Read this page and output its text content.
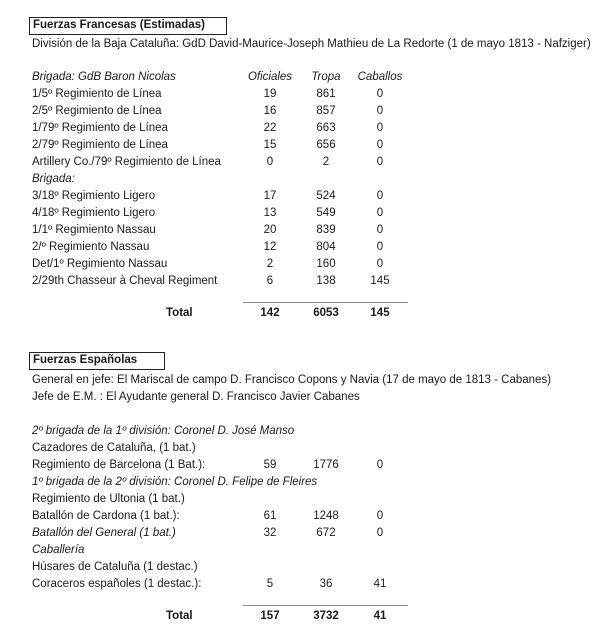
Fuerzas Francesas (Estimadas)
División de la Baja Cataluña: GdD David-Maurice-Joseph Mathieu de La Redorte (1 de mayo 1813 - Nafziger)
Oficiales	Tropa	Caballos
Brigada: GdB Baron Nicolas
1/5º Regimiento de Línea	19	861	0
2/5º Regimiento de Línea	16	857	0
1/79º Regimiento de Línea	22	663	0
2/79º Regimiento de Línea	15	656	0
Artillery Co./79º Regimiento de Línea	0	2	0
Brigada:
3/18º Regimiento Ligero	17	524	0
4/18º Regimiento Ligero	13	549	0
1/1º Regimiento Nassau	20	839	0
2/º Regimiento Nassau	12	804	0
Det/1º Regimiento Nassau	2	160	0
2/29th Chasseur à Cheval Regiment	6	138	145
Total	142	6053	145
Fuerzas Españolas
General en jefe: El Mariscal de campo D. Francisco Copons y Navia (17 de mayo de 1813 - Cabanes)
Jefe de E.M. : El Ayudante general D. Francisco Javier Cabanes
2º brigada de la 1º división: Coronel D. José Manso
Cazadores de Cataluña, (1 bat.)
Regimiento de Barcelona (1 Bat.):	59	1776	0
1º brigada de la 2º división: Coronel D. Felipe de Fleires
Regimiento de Ultonia (1 bat.)
Batallón de Cardona (1 bat.):	61	1248	0
Batallón del General (1 bat.)	32	672	0
Caballería
Húsares de Cataluña (1 destac.)
Coraceros españoles (1 destac.):	5	36	41
Total	157	3732	41
